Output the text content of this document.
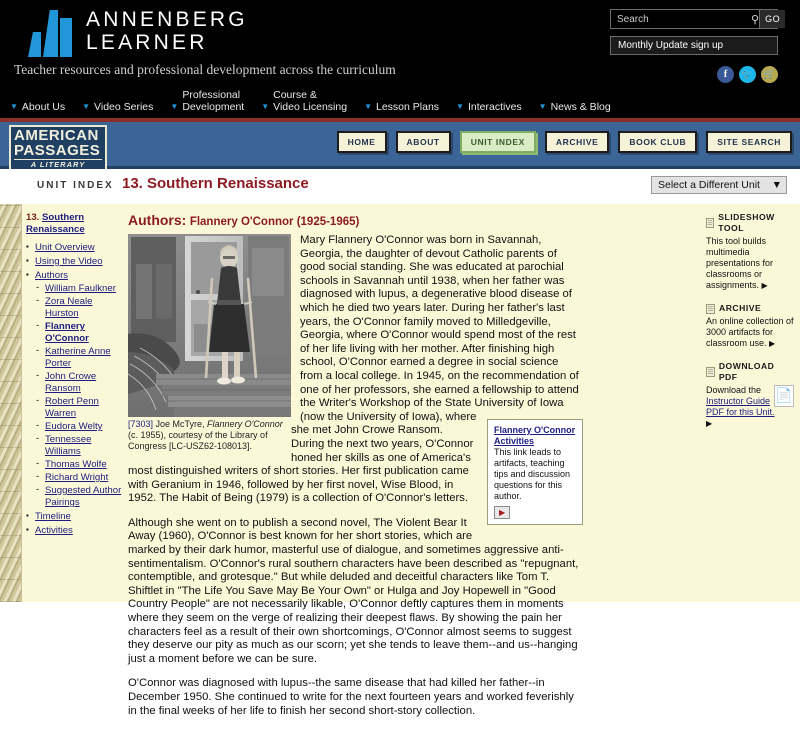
ANNENBERG
LEARNER
Teacher resources and professional development across the curriculum
Search
⚲ GO
Monthly Update sign up
f	🐦 🛒
▼ About Us ▼ Video Series ▼
Professional
Development ▼
Course &
Video Licensing ▼ Lesson Plans ▼ Interactives ▼ News & Blog
AMERICAN
PASSAGES
A LITERARY
HOME	ABOUT	UNIT INDEX	ARCHIVE	BOOK CLUB	SITE SEARCH
UNIT INDEX 13. Southern Renaissance	Select a Different Unit ▼
13. Southern Renaissance
▪ Unit Overview
▪ Using the Video
▪ Authors
- William Faulkner
- Zora Neale Hurston
- Flannery O'Connor
- Katherine Anne Porter
- John Crowe Ransom
- Robert Penn Warren
- Eudora Welty
- Tennessee Williams
- Thomas Wolfe
- Richard Wright
- Suggested Author Pairings
▪ Timeline
▪ Activities
Authors: Flannery O'Connor (1925-1965)
[7303] Joe McTyre, Flannery O'Connor (c. 1955), courtesy of the Library of Congress [LC-USZ62-108013].
Flannery O'Connor Activities
This link leads to artifacts, teaching tips and discussion questions for this author.
▶

Mary Flannery O'Connor was born in Savannah, Georgia, the daughter of devout Catholic parents of good social standing. She was educated at parochial schools in Savannah until 1938, when her father was diagnosed with lupus, a degenerative blood disease of which he died two years later. During her father's last years, the O'Connor family moved to Milledgeville, Georgia, where O'Connor would spend most of the rest of her life living with her mother. After finishing high school, O'Connor earned a degree in social science from a local college. In 1945, on the recommendation of one of her professors, she earned a fellowship to attend the Writer's Workshop of the State University of Iowa (now the University of Iowa), where she met John Crowe Ransom. During the next two years, O'Connor honed her skills as one of America's most distinguished writers of short stories. Her first publication came with Geranium in 1946, followed by her first novel, Wise Blood, in 1952. The Habit of Being (1979) is a collection of O'Connor's letters.

Although she went on to publish a second novel, The Violent Bear It Away (1960), O'Connor is best known for her short stories, which are marked by their dark humor, masterful use of dialogue, and sometimes aggressive anti-sentimentalism. O'Connor's rural southern characters have been described as "repugnant, contemptible, and grotesque." But while deluded and deceitful characters like Tom T. Shiftlet in "The Life You Save May Be Your Own" or Hulga and Joy Hopewell in "Good Country People" are not necessarily likable, O'Connor deftly captures them in moments where they seem on the verge of realizing their deepest flaws. By showing the pain her characters feel as a result of their own shortcomings, O'Connor almost seems to suggest they deserve our pity as much as our scorn; yet she tends to leave them--and us--hanging just a moment before we can be sure.

O'Connor was diagnosed with lupus--the same disease that had killed her father--in December 1950. She continued to write for the next fourteen years and worked feverishly in the final weeks of her life to finish her second short-story collection.

SLIDESHOW TOOL
This tool builds multimedia presentations for classrooms or assignments. ▶
ARCHIVE
An online collection of 3000 artifacts for classroom use. ▶
DOWNLOAD PDF
📄
Download the Instructor Guide PDF for this Unit.
▶
